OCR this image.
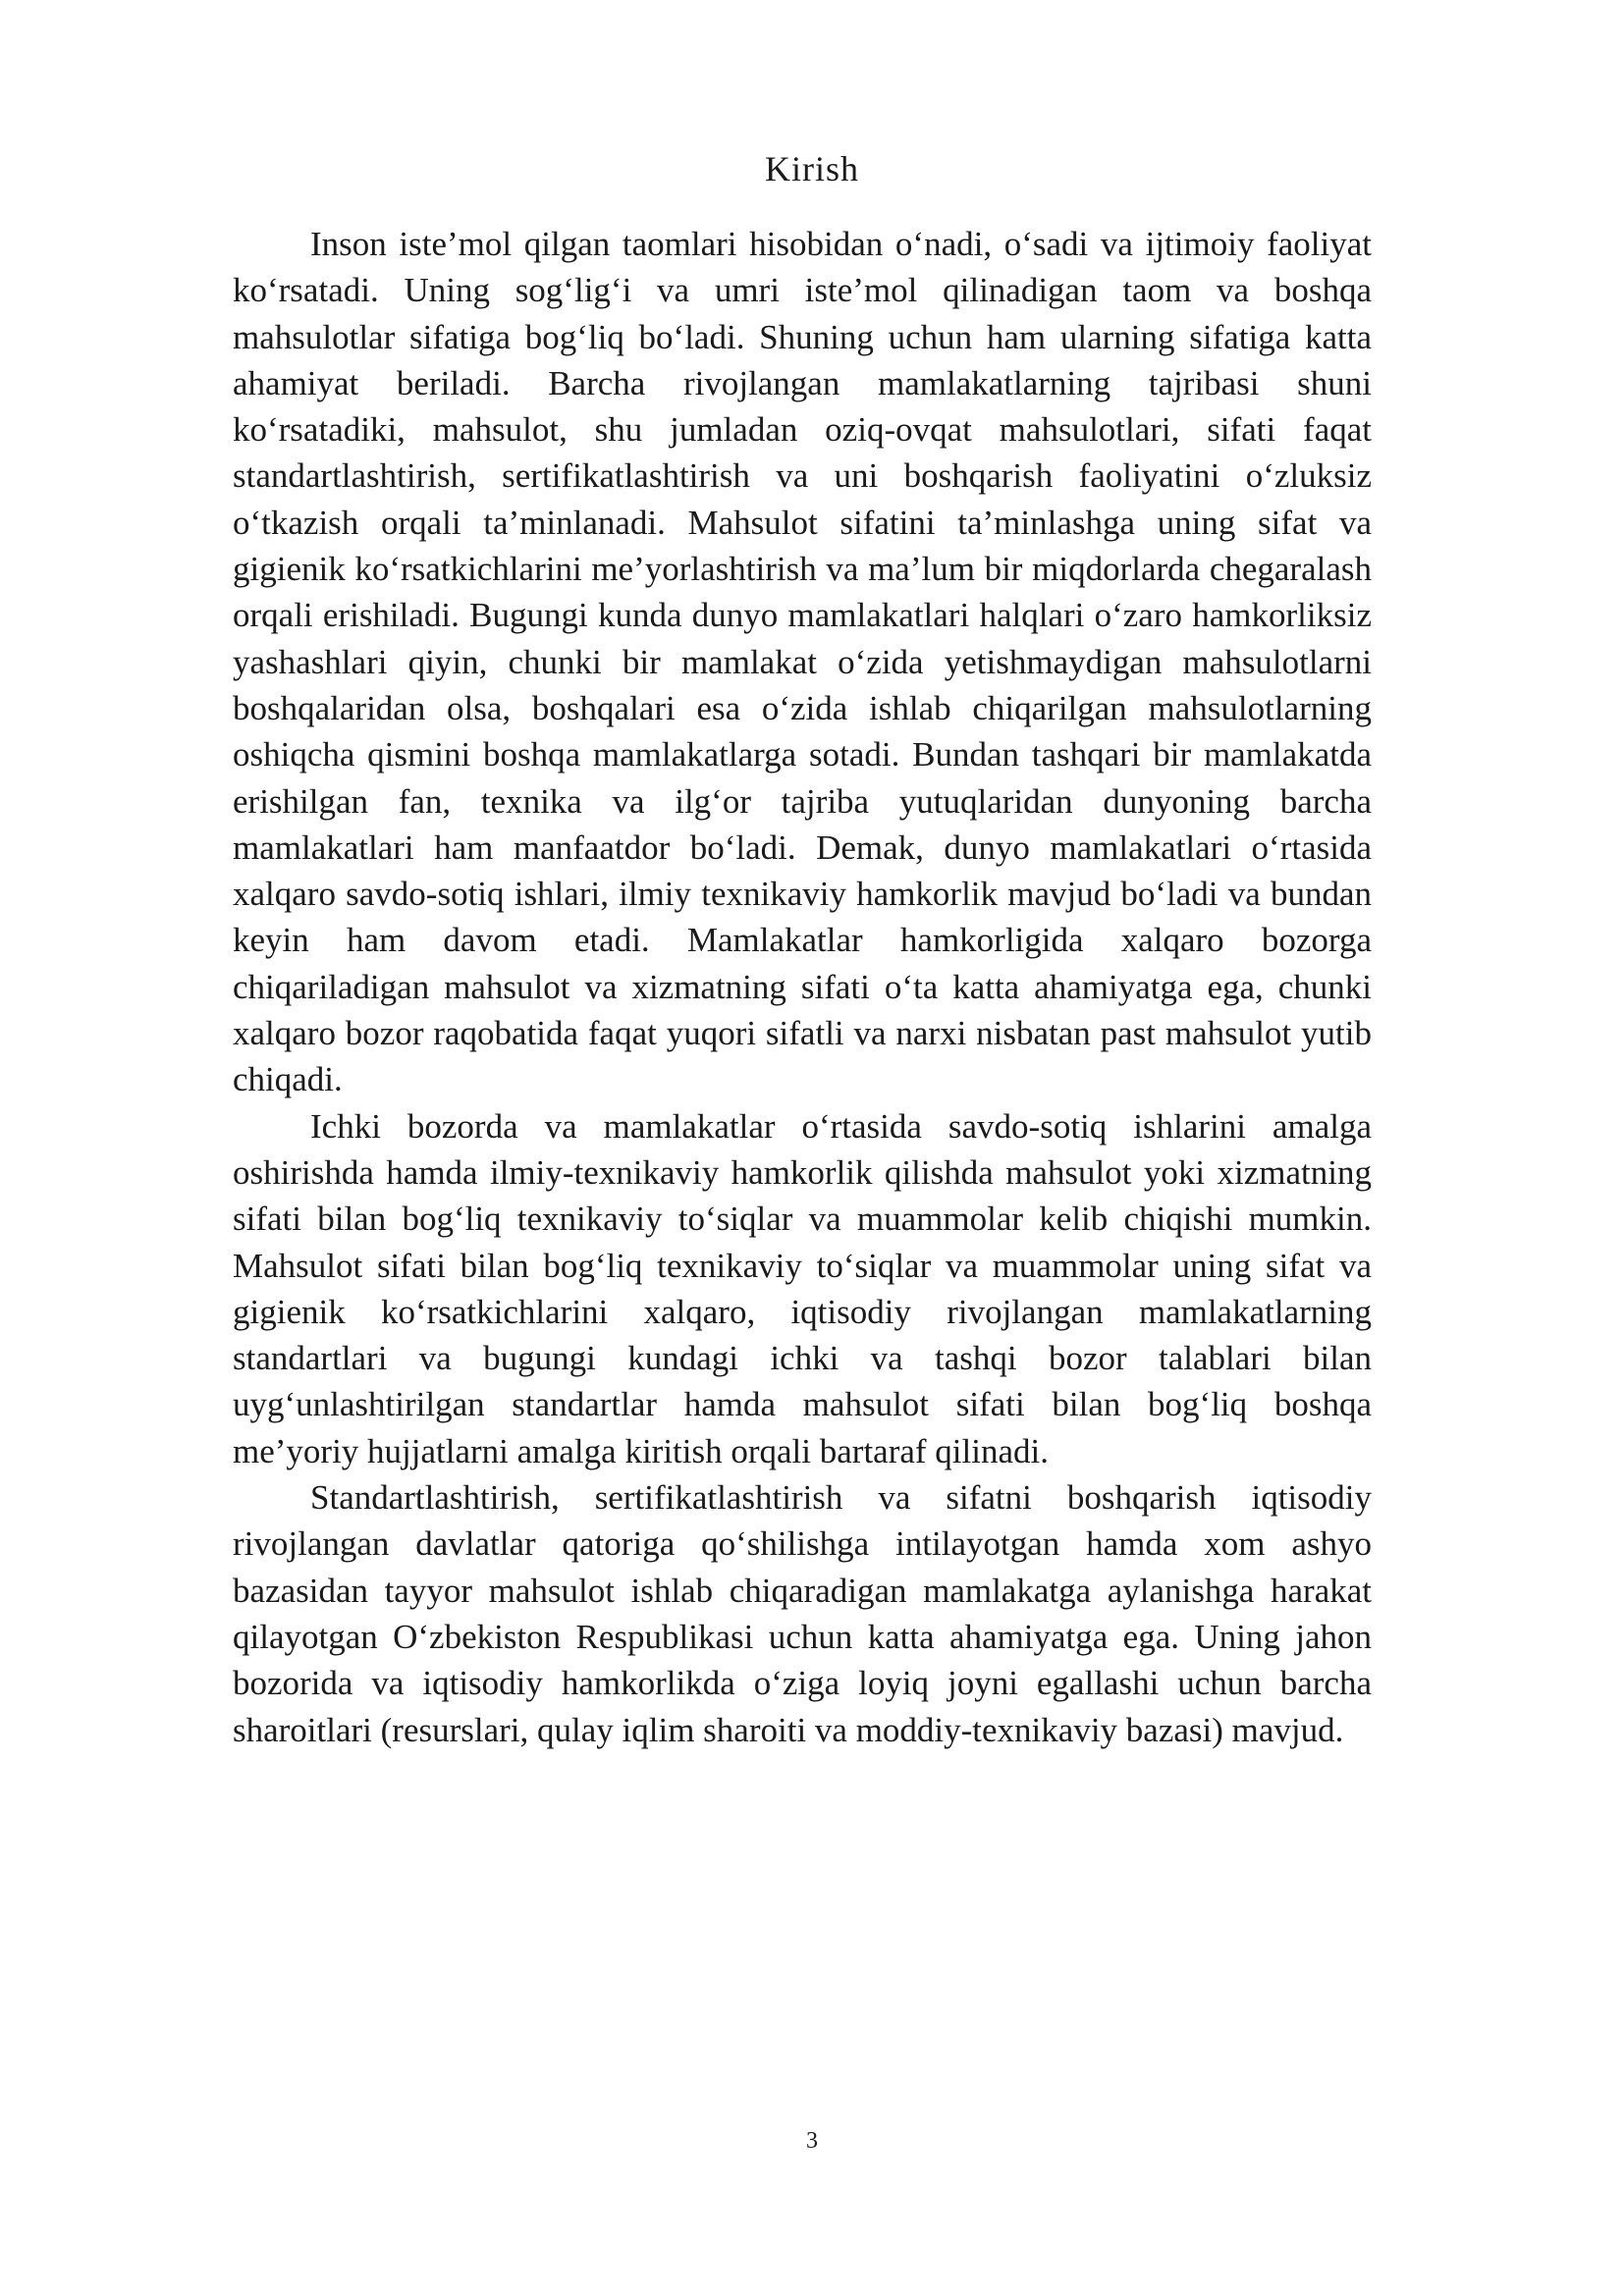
Kirish

Inson iste’mol qilgan taomlari hisobidan o‘nadi, o‘sadi va ijtimoiy faoliyat ko‘rsatadi. Uning sog‘lig‘i va umri iste’mol qilinadigan taom va boshqa mahsulotlar sifatiga bog‘liq bo‘ladi. Shuning uchun ham ularning sifatiga katta ahamiyat beriladi. Barcha rivojlangan mamlakatlarning tajribasi shuni ko‘rsatadiki, mahsulot, shu jumladan oziq-ovqat mahsulotlari, sifati faqat standartlashtirish, sertifikatlashtirish va uni boshqarish faoliyatini o‘zluksiz o‘tkazish orqali ta’minlanadi. Mahsulot sifatini ta’minlashga uning sifat va gigienik ko‘rsatkichlarini me’yorlashtirish va ma’lum bir miqdorlarda chegaralash orqali erishiladi. Bugungi kunda dunyo mamlakatlari halqlari o‘zaro hamkorliksiz yashashlari qiyin, chunki bir mamlakat o‘zida yetishmaydigan mahsulotlarni boshqalaridan olsa, boshqalari esa o‘zida ishlab chiqarilgan mahsulotlarning oshiqcha qismini boshqa mamlakatlarga sotadi. Bundan tashqari bir mamlakatda erishilgan fan, texnika va ilg‘or tajriba yutuqlaridan dunyoning barcha mamlakatlari ham manfaatdor bo‘ladi. Demak, dunyo mamlakatlari o‘rtasida xalqaro savdo-sotiq ishlari, ilmiy texnikaviy hamkorlik mavjud bo‘ladi va bundan keyin ham davom etadi. Mamlakatlar hamkorligida xalqaro bozorga chiqariladigan mahsulot va xizmatning sifati o‘ta katta ahamiyatga ega, chunki xalqaro bozor raqobatida faqat yuqori sifatli va narxi nisbatan past mahsulot yutib chiqadi.

Ichki bozorda va mamlakatlar o‘rtasida savdo-sotiq ishlarini amalga oshirishda hamda ilmiy-texnikaviy hamkorlik qilishda mahsulot yoki xizmatning sifati bilan bog‘liq texnikaviy to‘siqlar va muammolar kelib chiqishi mumkin. Mahsulot sifati bilan bog‘liq texnikaviy to‘siqlar va muammolar uning sifat va gigienik ko‘rsatkichlarini xalqaro, iqtisodiy rivojlangan mamlakatlarning standartlari va bugungi kundagi ichki va tashqi bozor talablari bilan uyg‘unlashtirilgan standartlar hamda mahsulot sifati bilan bog‘liq boshqa me’yoriy hujjatlarni amalga kiritish orqali bartaraf qilinadi.

Standartlashtirish, sertifikatlashtirish va sifatni boshqarish iqtisodiy rivojlangan davlatlar qatoriga qo‘shilishga intilayotgan hamda xom ashyo bazasidan tayyor mahsulot ishlab chiqaradigan mamlakatga aylanishga harakat qilayotgan O‘zbekiston Respublikasi uchun katta ahamiyatga ega. Uning jahon bozorida va iqtisodiy hamkorlikda o‘ziga loyiq joyni egallashi uchun barcha sharoitlari (resurslari, qulay iqlim sharoiti va moddiy-texnikaviy bazasi) mavjud.

3
